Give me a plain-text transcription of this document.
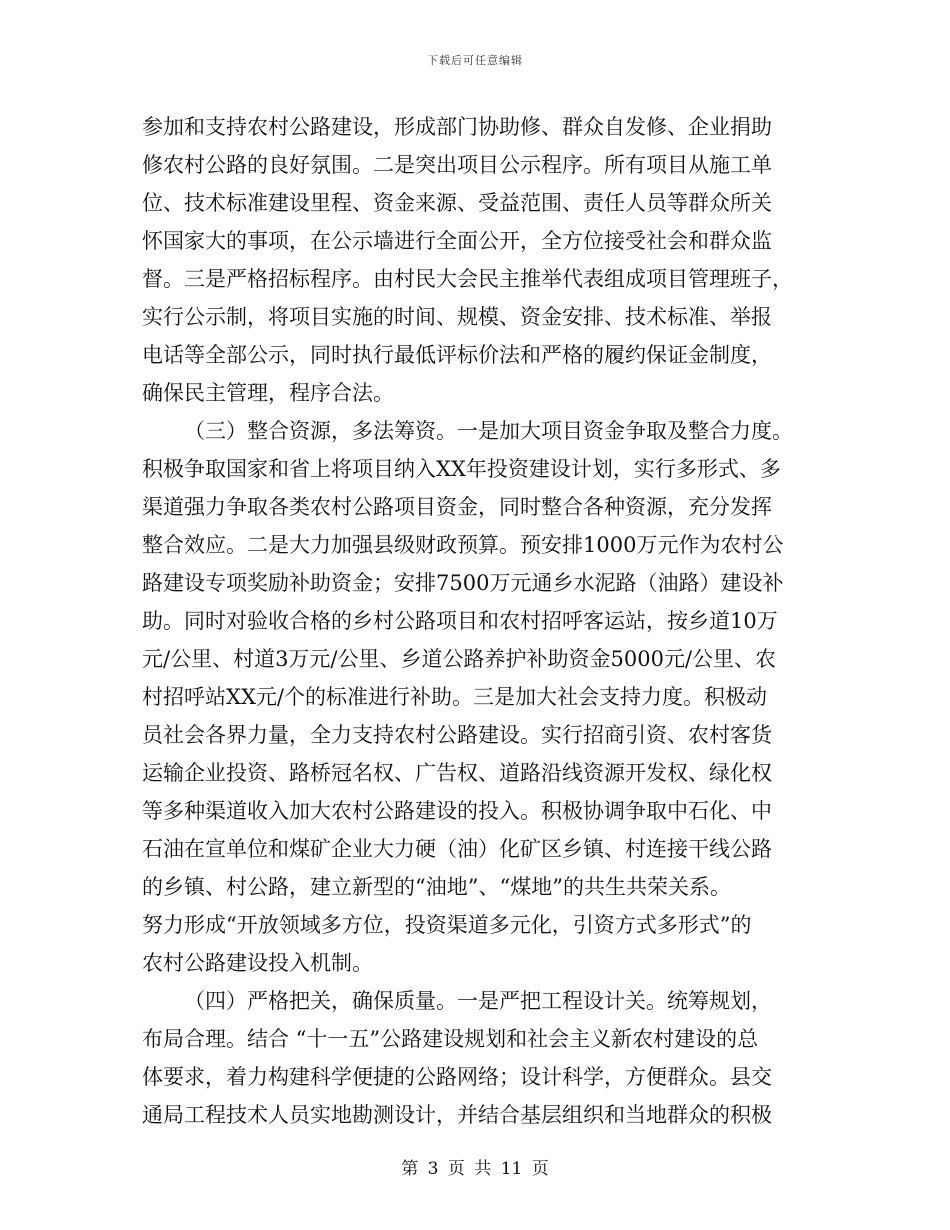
下载后可任意编辑
参加和支持农村公路建设，形成部门协助修、群众自发修、企业捐助
修农村公路的良好氛围。二是突出项目公示程序。所有项目从施工单
位、技术标准建设里程、资金来源、受益范围、责任人员等群众所关
怀国家大的事项，在公示墙进行全面公开，全方位接受社会和群众监
督。三是严格招标程序。由村民大会民主推举代表组成项目管理班子，
实行公示制，将项目实施的时间、规模、资金安排、技术标准、举报
电话等全部公示，同时执行最低评标价法和严格的履约保证金制度，
确保民主管理，程序合法。
（三）整合资源，多法筹资。一是加大项目资金争取及整合力度。
积极争取国家和省上将项目纳入XX年投资建设计划，实行多形式、多
渠道强力争取各类农村公路项目资金，同时整合各种资源，充分发挥
整合效应。二是大力加强县级财政预算。预安排1000万元作为农村公
路建设专项奖励补助资金；安排7500万元通乡水泥路（油路）建设补
助。同时对验收合格的乡村公路项目和农村招呼客运站，按乡道10万
元/公里、村道3万元/公里、乡道公路养护补助资金5000元/公里、农
村招呼站XX元/个的标准进行补助。三是加大社会支持力度。积极动
员社会各界力量，全力支持农村公路建设。实行招商引资、农村客货
运输企业投资、路桥冠名权、广告权、道路沿线资源开发权、绿化权
等多种渠道收入加大农村公路建设的投入。积极协调争取中石化、中
石油在宣单位和煤矿企业大力硬（油）化矿区乡镇、村连接干线公路
的乡镇、村公路，建立新型的“油地”、“煤地”的共生共荣关系。
努力形成“开放领域多方位，投资渠道多元化，引资方式多形式”的
农村公路建设投入机制。
（四）严格把关，确保质量。一是严把工程设计关。统筹规划，
布局合理。结合 “十一五”公路建设规划和社会主义新农村建设的总
体要求，着力构建科学便捷的公路网络；设计科学，方便群众。县交
通局工程技术人员实地勘测设计，并结合基层组织和当地群众的积极
第 3 页 共 11 页
